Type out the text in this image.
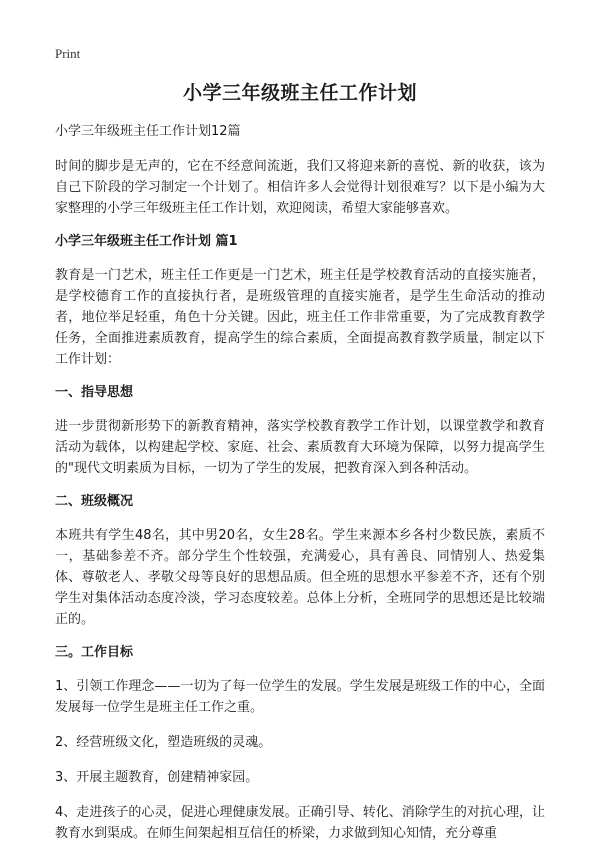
Print
小学三年级班主任工作计划
小学三年级班主任工作计划12篇

时间的脚步是无声的，它在不经意间流逝，我们又将迎来新的喜悦、新的收获，该为自己下阶段的学习制定一个计划了。相信许多人会觉得计划很难写？以下是小编为大家整理的小学三年级班主任工作计划，欢迎阅读，希望大家能够喜欢。

小学三年级班主任工作计划 篇1

教育是一门艺术，班主任工作更是一门艺术，班主任是学校教育活动的直接实施者，是学校德育工作的直接执行者，是班级管理的直接实施者，是学生生命活动的推动者，地位举足轻重，角色十分关键。因此，班主任工作非常重要，为了完成教育教学任务，全面推进素质教育，提高学生的综合素质，全面提高教育教学质量，制定以下工作计划：

一、指导思想

进一步贯彻新形势下的新教育精神，落实学校教育教学工作计划，以课堂教学和教育活动为载体，以构建起学校、家庭、社会、素质教育大环境为保障，以努力提高学生的"现代文明素质为目标，一切为了学生的发展，把教育深入到各种活动。

二、班级概况

本班共有学生48名，其中男20名，女生28名。学生来源本乡各村少数民族，素质不一，基础参差不齐。部分学生个性较强，充满爱心，具有善良、同情别人、热爱集体、尊敬老人、孝敬父母等良好的思想品质。但全班的思想水平参差不齐，还有个别学生对集体活动态度冷淡，学习态度较差。总体上分析，全班同学的思想还是比较端正的。

三。工作目标
1、引领工作理念——一切为了每一位学生的发展。学生发展是班级工作的中心，全面发展每一位学生是班主任工作之重。
2、经营班级文化，塑造班级的灵魂。
3、开展主题教育，创建精神家园。
4、走进孩子的心灵，促进心理健康发展。正确引导、转化、消除学生的对抗心理，让教育水到渠成。在师生间架起相互信任的桥梁，力求做到知心知情，充分尊重
